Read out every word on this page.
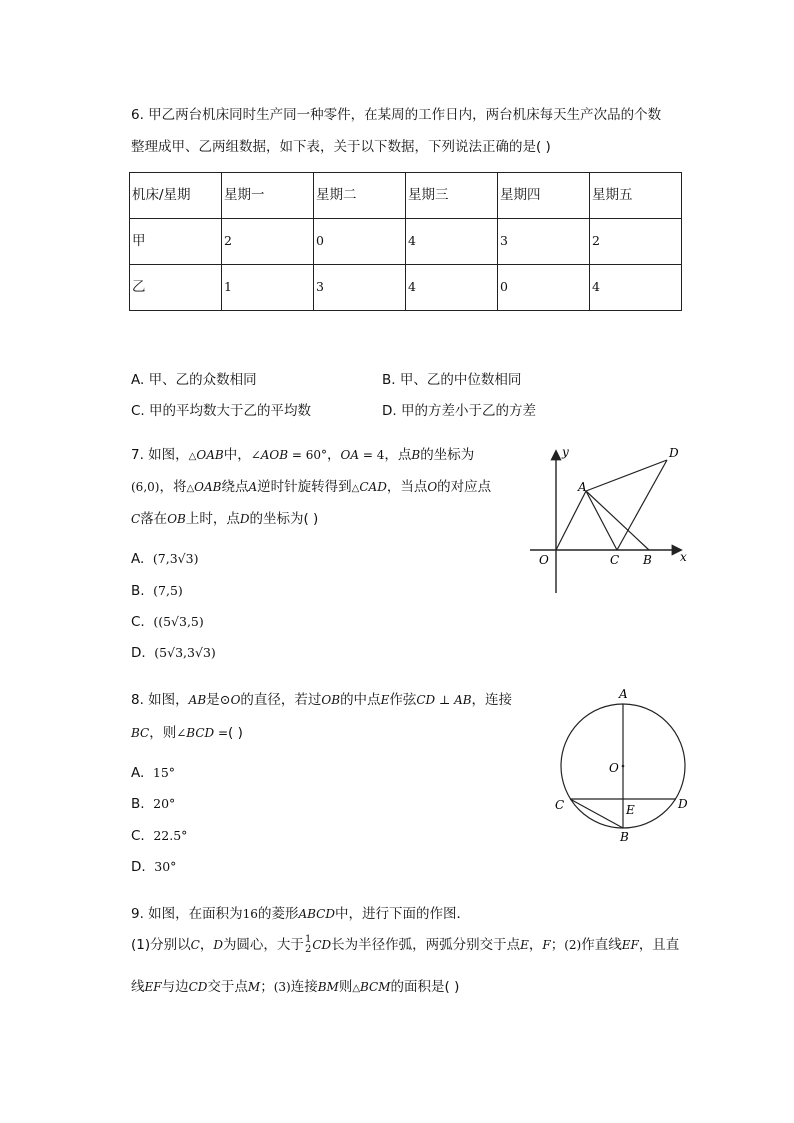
6. 甲乙两台机床同时生产同一种零件，在某周的工作日内，两台机床每天生产次品的个数
整理成甲、乙两组数据，如下表，关于以下数据，下列说法正确的是( )
机床/星期	星期一	星期二	星期三	星期四	星期五
甲	2	0	4	3	2
乙	1	3	4	0	4
A. 甲、乙的众数相同	B. 甲、乙的中位数相同
C. 甲的平均数大于乙的平均数	D. 甲的方差小于乙的方差
7. 如图，△OAB中，∠AOB = 60°，OA = 4，点B的坐标为
(6,0)，将△OAB绕点A逆时针旋转得到△CAD，当点O的对应点
C落在OB上时，点D的坐标为( )
A. (7,3√3)
B. (7,5)
C. ((5√3,5)
D. (5√3,3√3)
y
x
O
A
C B
D
8. 如图，AB是⊙O的直径，若过OB的中点E作弦CD ⊥ AB，连接
BC，则∠BCD =( )
A. 15°
B. 20°
C. 22.5°
D. 30°
A
O
C	E	D
B
9. 如图，在面积为16的菱形ABCD中，进行下面的作图．
(1)分别以C，D为圆心，大于 1
2 CD长为半径作弧，两弧分别交于点E，F；(2)作直线EF，且直
线EF与边CD交于点M；(3)连接BM则△BCM的面积是( )
